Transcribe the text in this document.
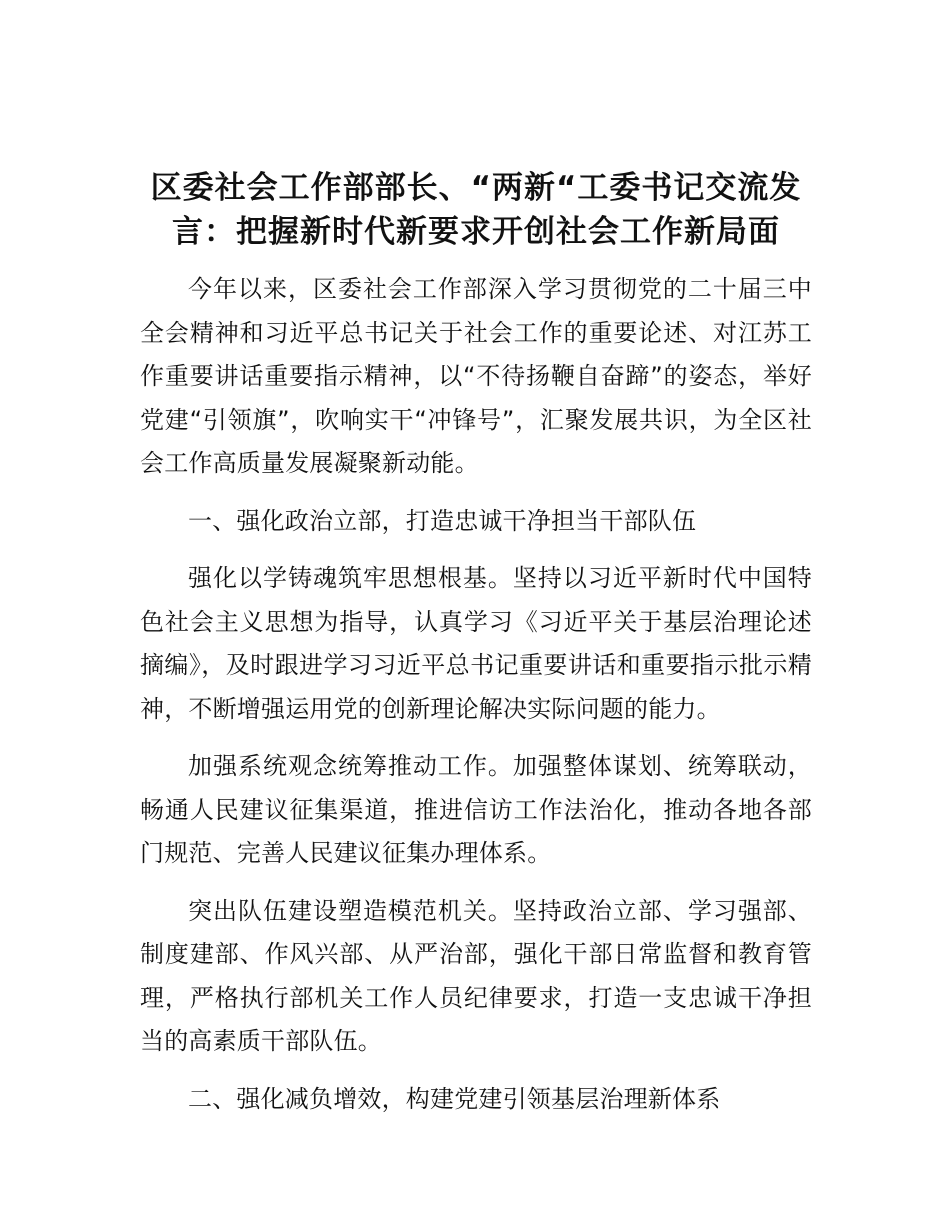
区委社会工作部部长、“两新“工委书记交流发
言：把握新时代新要求开创社会工作新局面

今年以来，区委社会工作部深入学习贯彻党的二十届三中全会精神和习近平总书记关于社会工作的重要论述、对江苏工作重要讲话重要指示精神，以“不待扬鞭自奋蹄”的姿态，举好党建“引领旗”，吹响实干“冲锋号”，汇聚发展共识，为全区社会工作高质量发展凝聚新动能。

一、强化政治立部，打造忠诚干净担当干部队伍

强化以学铸魂筑牢思想根基。坚持以习近平新时代中国特色社会主义思想为指导，认真学习《习近平关于基层治理论述摘编》，及时跟进学习习近平总书记重要讲话和重要指示批示精神，不断增强运用党的创新理论解决实际问题的能力。

加强系统观念统筹推动工作。加强整体谋划、统筹联动，畅通人民建议征集渠道，推进信访工作法治化，推动各地各部门规范、完善人民建议征集办理体系。

突出队伍建设塑造模范机关。坚持政治立部、学习强部、制度建部、作风兴部、从严治部，强化干部日常监督和教育管理，严格执行部机关工作人员纪律要求，打造一支忠诚干净担当的高素质干部队伍。

二、强化减负增效，构建党建引领基层治理新体系
